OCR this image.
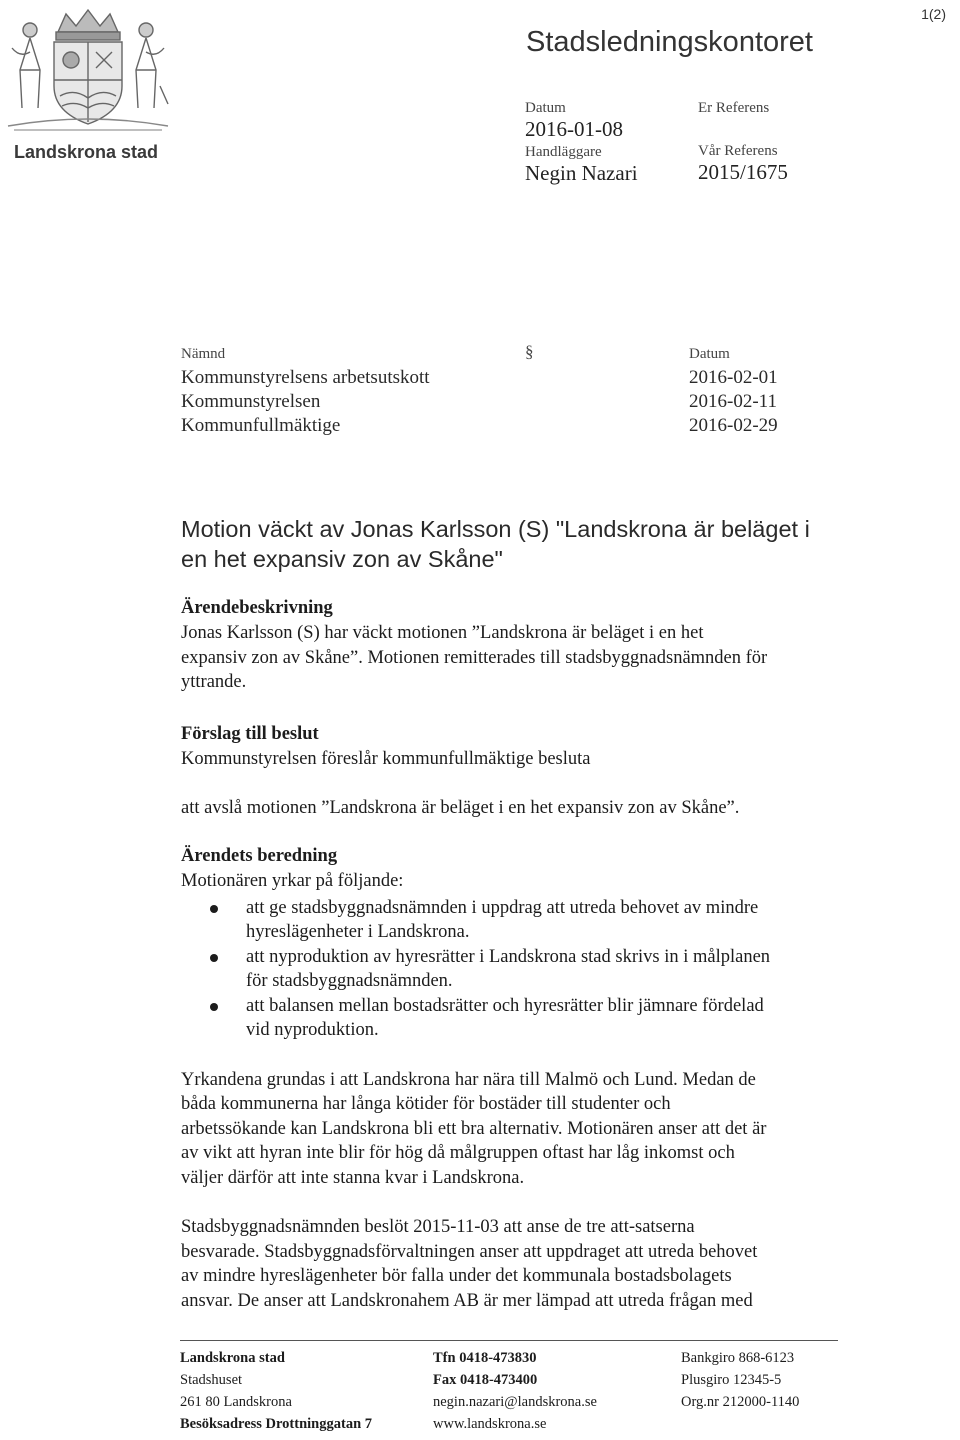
1(2)
Landskrona stad
Stadsledningskontoret
Datum
2016-01-08
Handläggare
Negin Nazari
Er Referens
Vår Referens
2015/1675
Nämnd	§	Datum
Kommunstyrelsens arbetsutskott
Kommunstyrelsen
Kommunfullmäktige
2016-02-01
2016-02-11
2016-02-29
Motion väckt av Jonas Karlsson (S) "Landskrona är beläget i
en het expansiv zon av Skåne"
Ärendebeskrivning
Jonas Karlsson (S) har väckt motionen ”Landskrona är beläget i en het
expansiv zon av Skåne”. Motionen remitterades till stadsbyggnadsnämnden för
yttrande.
Förslag till beslut
Kommunstyrelsen föreslår kommunfullmäktige besluta
att avslå motionen ”Landskrona är beläget i en het expansiv zon av Skåne”.
Ärendets beredning
Motionären yrkar på följande:
att ge stadsbyggnadsnämnden i uppdrag att utreda behovet av mindre
hyreslägenheter i Landskrona.
att nyproduktion av hyresrätter i Landskrona stad skrivs in i målplanen
för stadsbyggnadsnämnden.
att balansen mellan bostadsrätter och hyresrätter blir jämnare fördelad
vid nyproduktion.
Yrkandena grundas i att Landskrona har nära till Malmö och Lund. Medan de
båda kommunerna har långa kötider för bostäder till studenter och
arbetssökande kan Landskrona bli ett bra alternativ. Motionären anser att det är
av vikt att hyran inte blir för hög då målgruppen oftast har låg inkomst och
väljer därför att inte stanna kvar i Landskrona.
Stadsbyggnadsnämnden beslöt 2015-11-03 att anse de tre att-satserna
besvarade. Stadsbyggnadsförvaltningen anser att uppdraget att utreda behovet
av mindre hyreslägenheter bör falla under det kommunala bostadsbolagets
ansvar. De anser att Landskronahem AB är mer lämpad att utreda frågan med
Landskrona stad
Stadshuset
261 80 Landskrona
Besöksadress Drottninggatan 7
Tfn 0418-473830
Fax 0418-473400
negin.nazari@landskrona.se
www.landskrona.se
Bankgiro 868-6123
Plusgiro 12345-5
Org.nr 212000-1140
